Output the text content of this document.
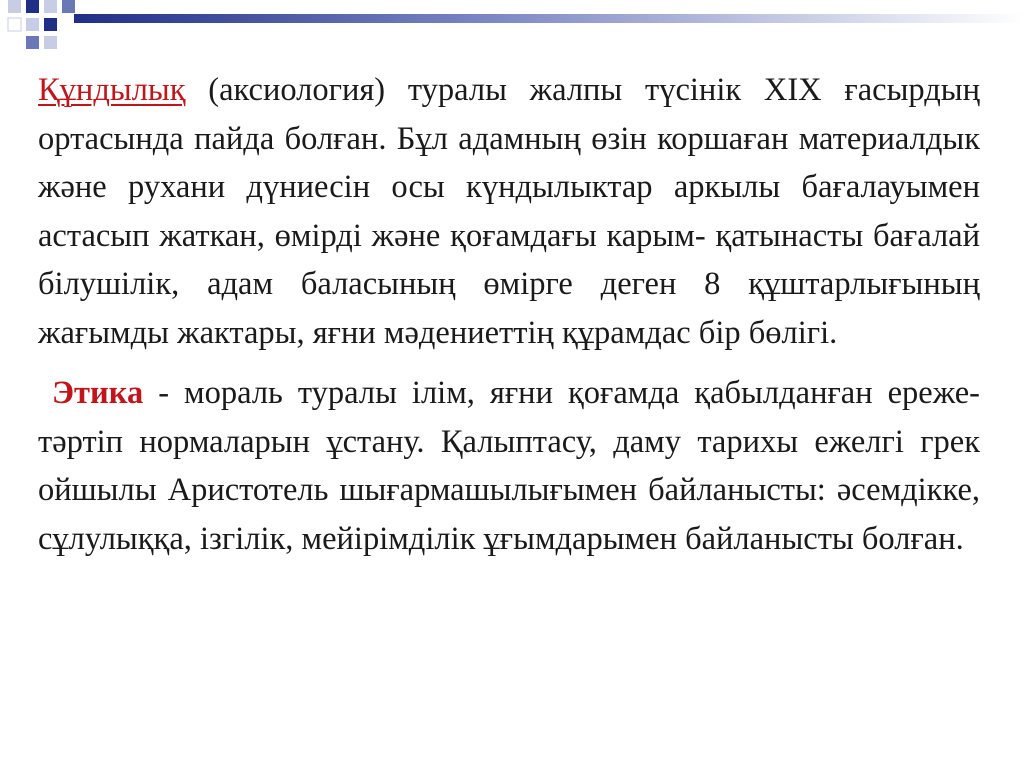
Құндылық (аксиология) туралы жалпы түсінік XIX ғасырдың ортасында пайда болған. Бұл адамның өзін коршаған материалдык және рухани дүниесін осы күндылыктар аркылы бағалауымен астасып жаткан, өмірді және қоғамдағы карым- қатынасты бағалай білушілік, адам баласының өмірге деген 8 құштарлығының жағымды жактары, яғни мәдениеттің құрамдас бір бөлігі.

Этика - мораль туралы ілім, яғни қоғамда қабылданған ереже-тәртіп нормаларын ұстану. Қалыптасу, даму тарихы ежелгі грек ойшылы Аристотель шығармашылығымен байланысты: әсемдікке, сұлулыққа, ізгілік, мейірімділік ұғымдарымен байланысты болған.
